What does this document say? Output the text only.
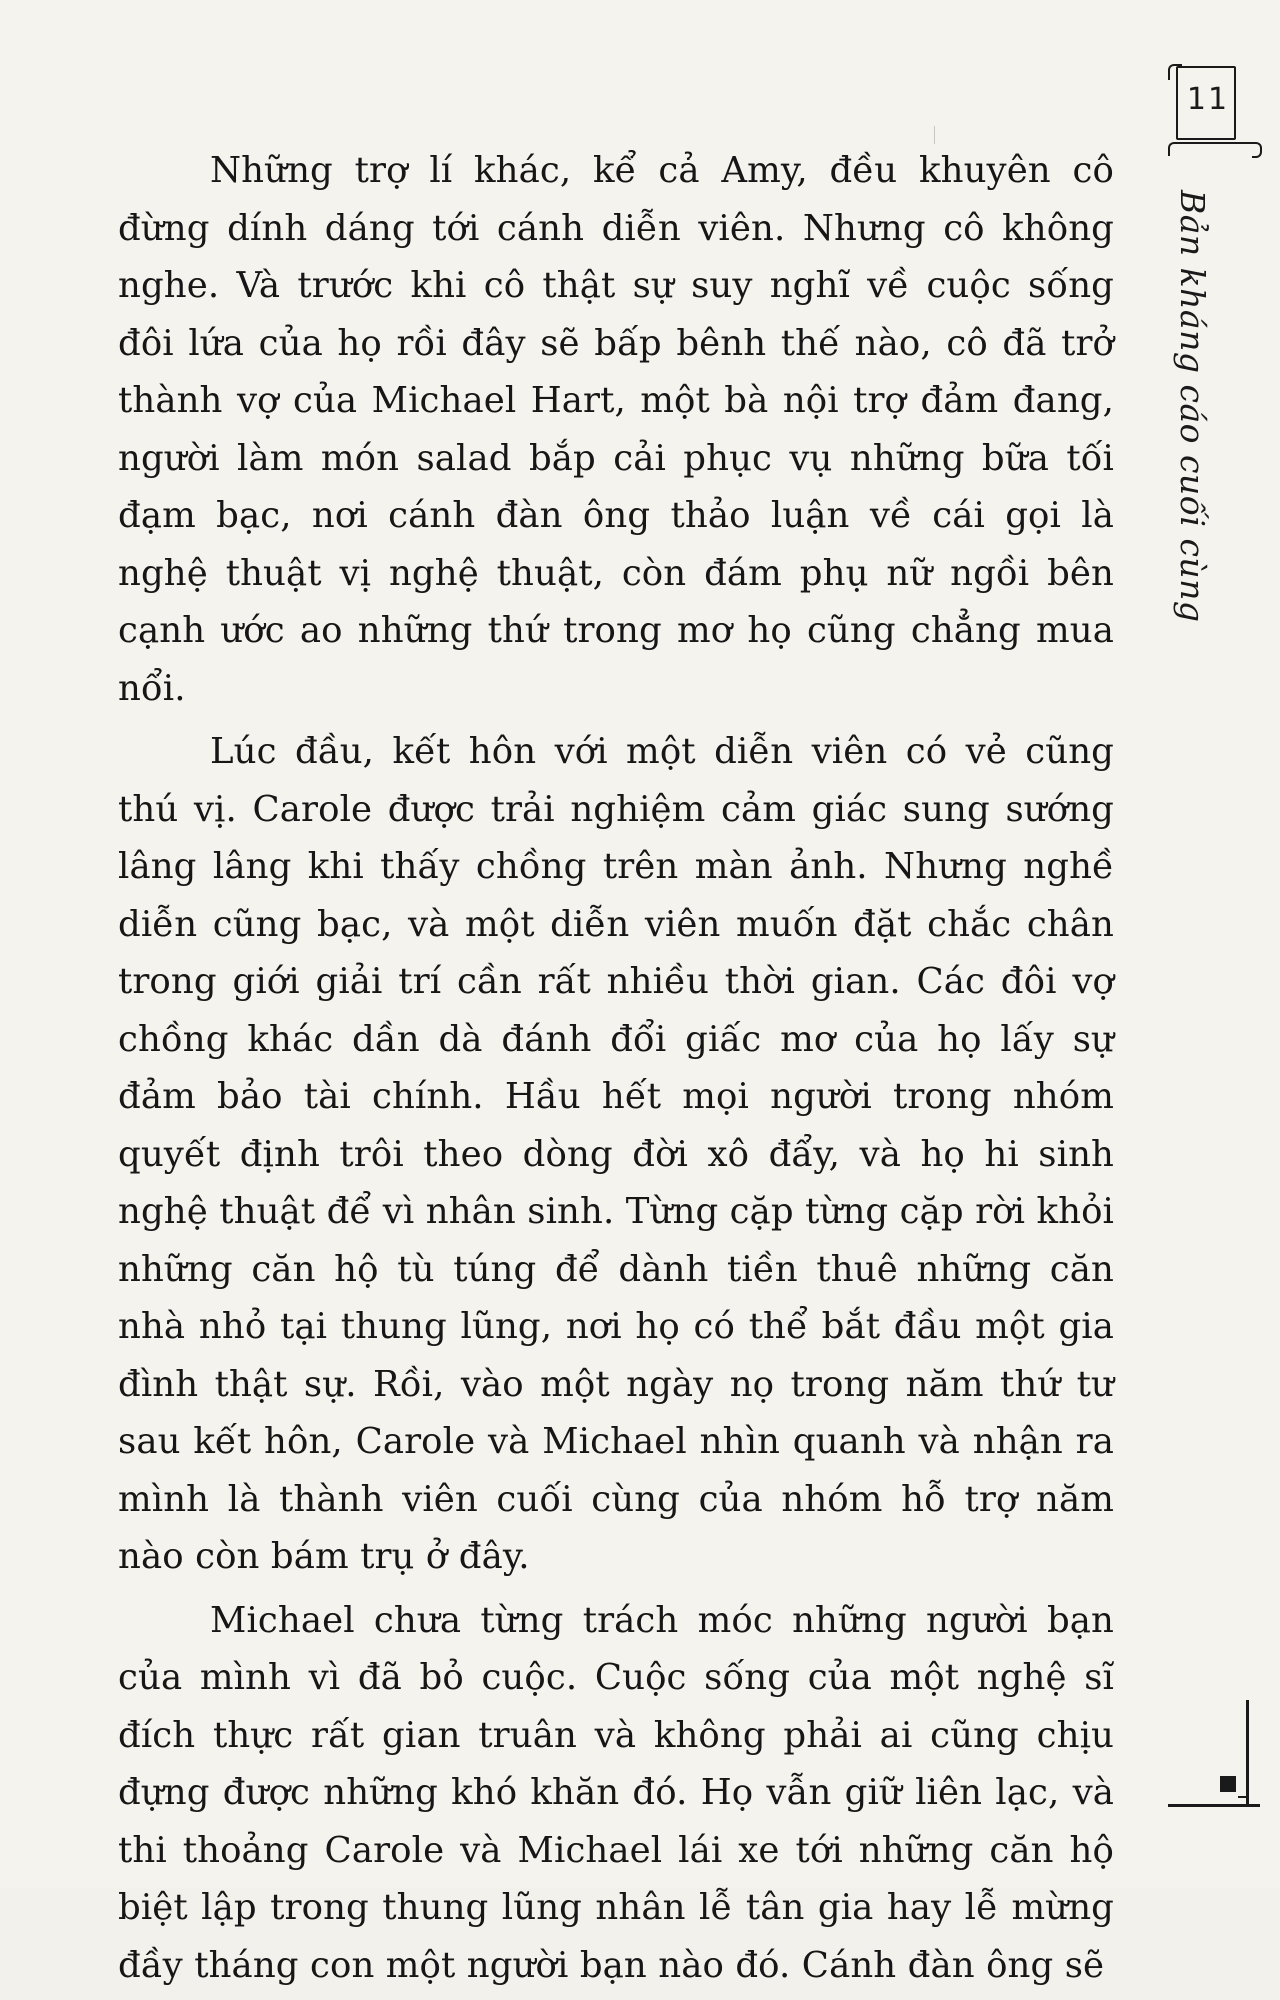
11
Bản kháng cáo cuối cùng

Những trợ lí khác, kể cả Amy, đều khuyên cô đừng dính dáng tới cánh diễn viên. Nhưng cô không nghe. Và trước khi cô thật sự suy nghĩ về cuộc sống đôi lứa của họ rồi đây sẽ bấp bênh thế nào, cô đã trở thành vợ của Michael Hart, một bà nội trợ đảm đang, người làm món salad bắp cải phục vụ những bữa tối đạm bạc, nơi cánh đàn ông thảo luận về cái gọi là nghệ thuật vị nghệ thuật, còn đám phụ nữ ngồi bên cạnh ước ao những thứ trong mơ họ cũng chẳng mua nổi.

Lúc đầu, kết hôn với một diễn viên có vẻ cũng thú vị. Carole được trải nghiệm cảm giác sung sướng lâng lâng khi thấy chồng trên màn ảnh. Nhưng nghề diễn cũng bạc, và một diễn viên muốn đặt chắc chân trong giới giải trí cần rất nhiều thời gian. Các đôi vợ chồng khác dần dà đánh đổi giấc mơ của họ lấy sự đảm bảo tài chính. Hầu hết mọi người trong nhóm quyết định trôi theo dòng đời xô đẩy, và họ hi sinh nghệ thuật để vì nhân sinh. Từng cặp từng cặp rời khỏi những căn hộ tù túng để dành tiền thuê những căn nhà nhỏ tại thung lũng, nơi họ có thể bắt đầu một gia đình thật sự. Rồi, vào một ngày nọ trong năm thứ tư sau kết hôn, Carole và Michael nhìn quanh và nhận ra mình là thành viên cuối cùng của nhóm hỗ trợ năm nào còn bám trụ ở đây.

Michael chưa từng trách móc những người bạn của mình vì đã bỏ cuộc. Cuộc sống của một nghệ sĩ đích thực rất gian truân và không phải ai cũng chịu đựng được những khó khăn đó. Họ vẫn giữ liên lạc, và thi thoảng Carole và Michael lái xe tới những căn hộ biệt lập trong thung lũng nhân lễ tân gia hay lễ mừng đầy tháng con một người bạn nào đó. Cánh đàn ông sẽ
